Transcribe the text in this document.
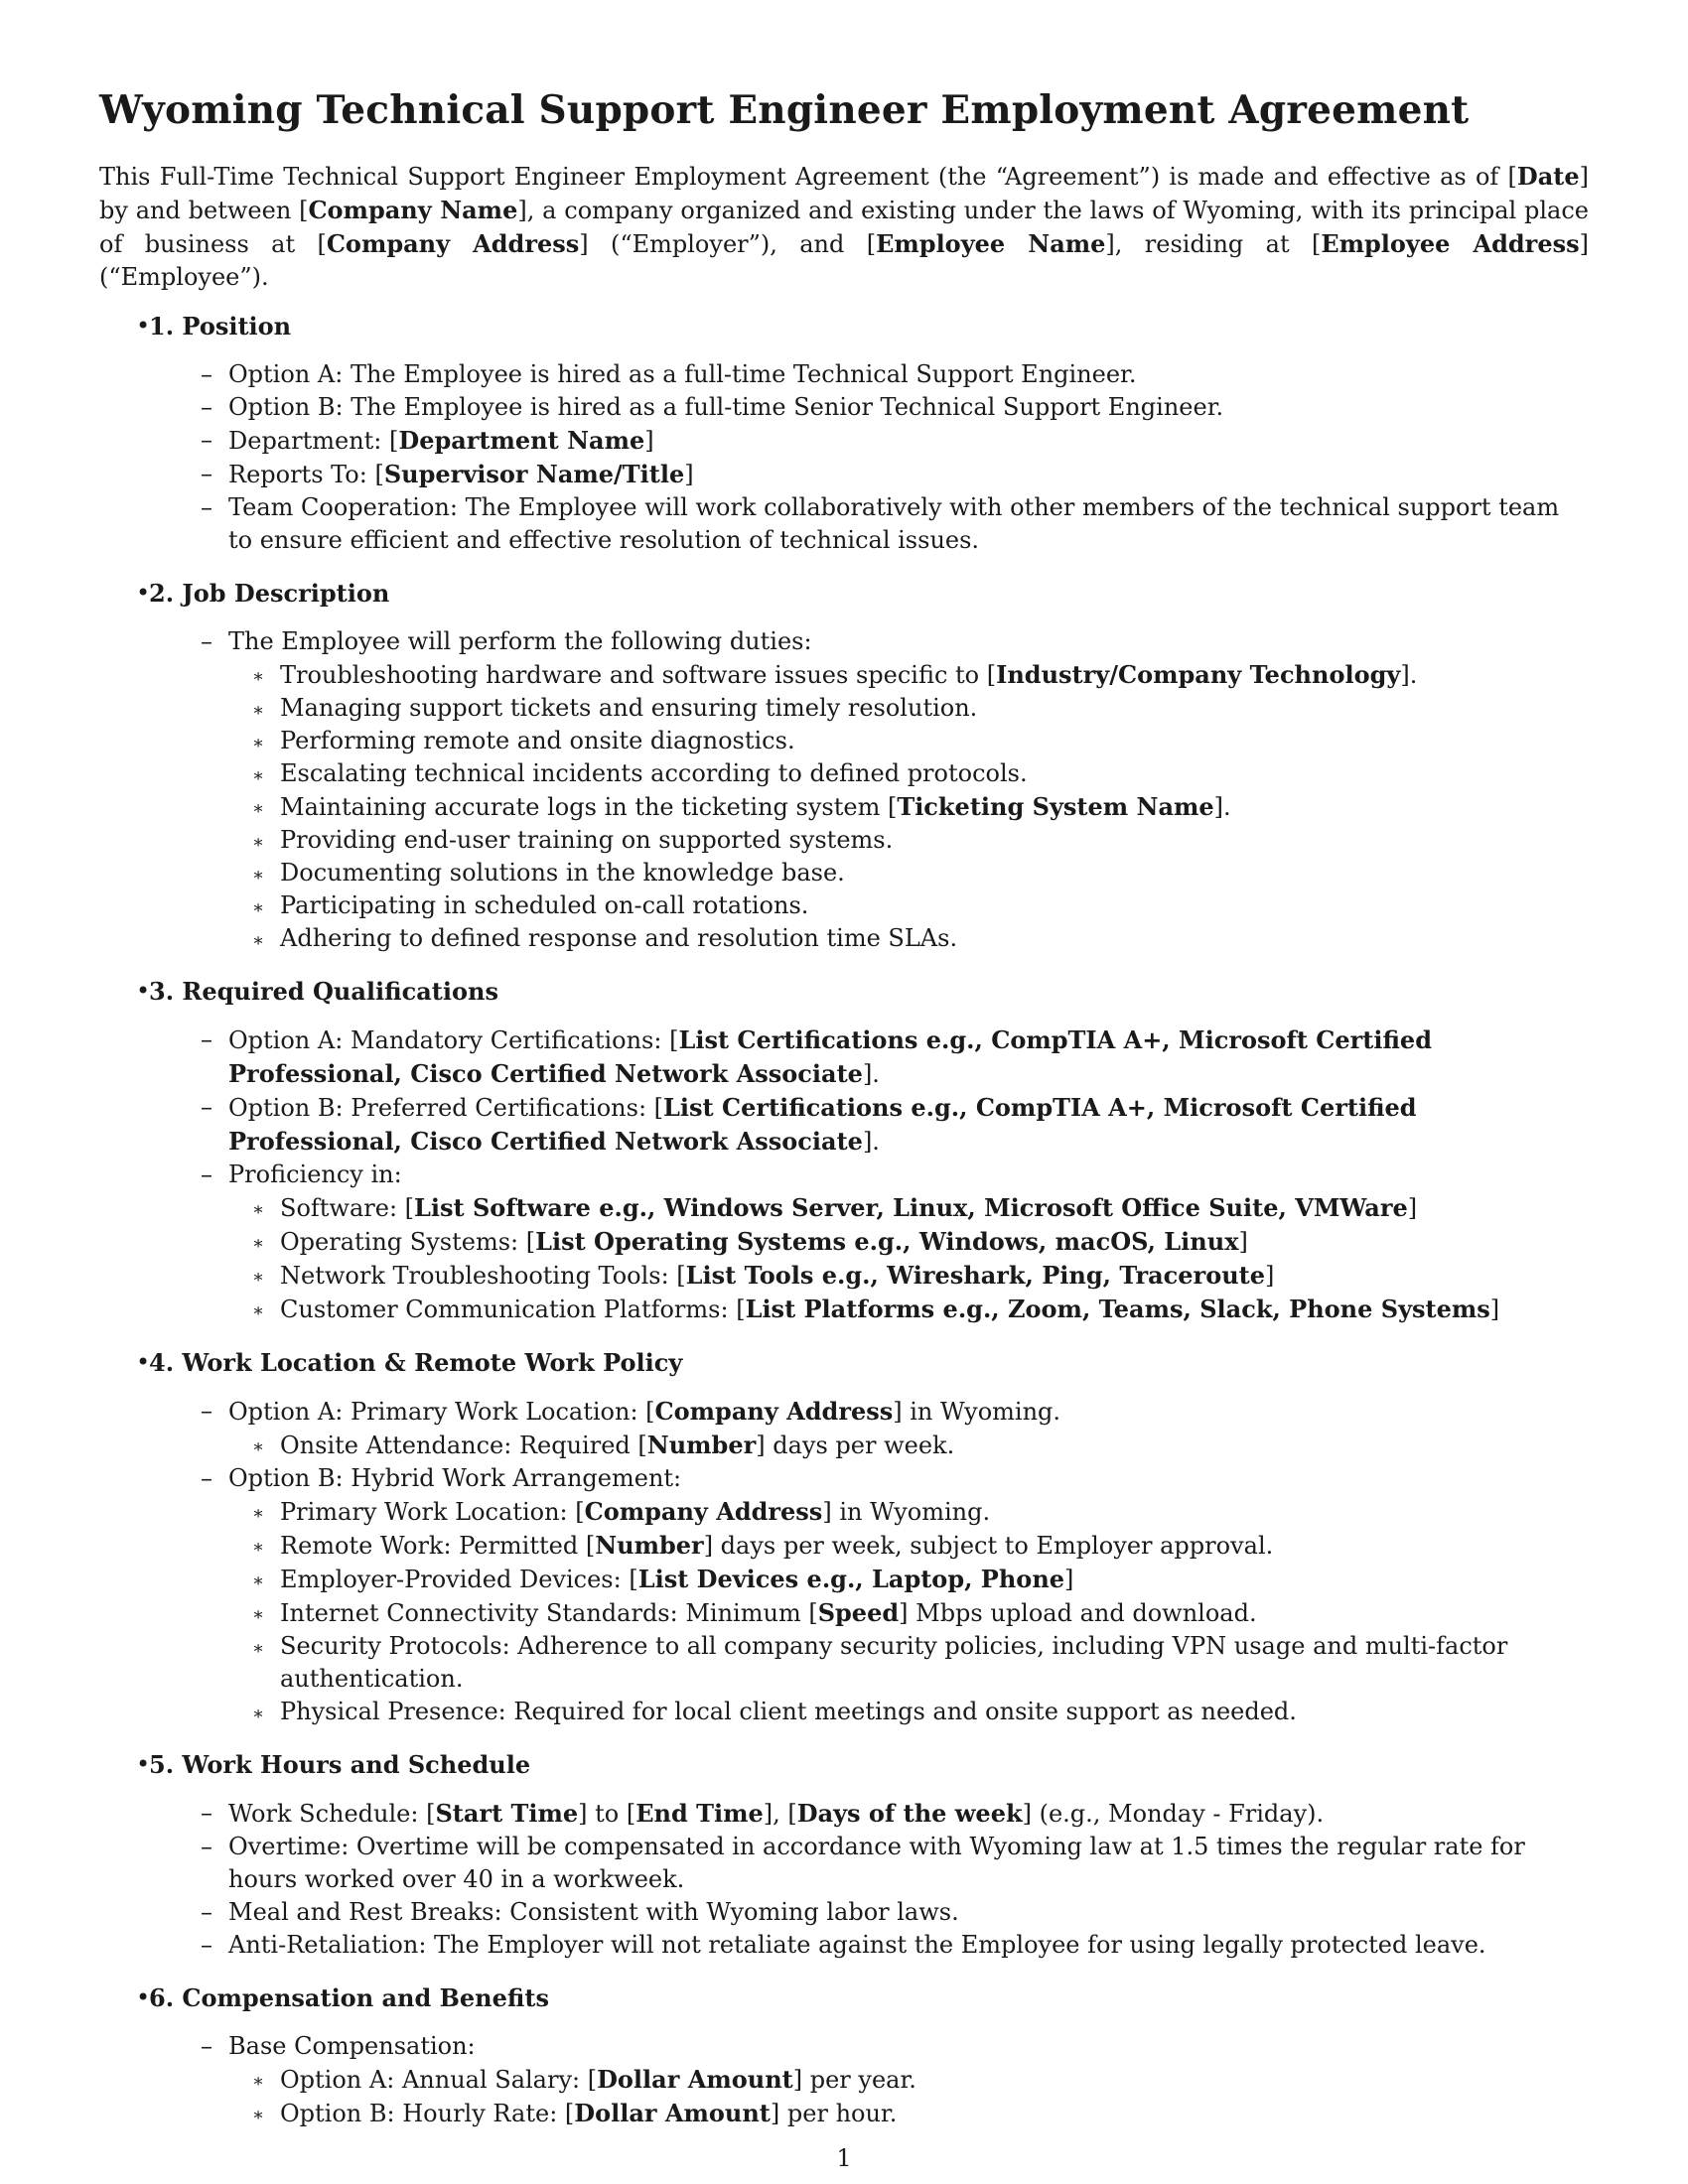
Wyoming Technical Support Engineer Employment Agreement

This Full-Time Technical Support Engineer Employment Agreement (the “Agreement”) is made and effective as of [Date] by and between [Company Name], a company organized and existing under the laws of Wyoming, with its principal place of business at [Company Address] (“Employer”), and [Employee Name], residing at [Employee Address] (“Employee”).

•
1. Position
– Option A: The Employee is hired as a full-time Technical Support Engineer.
– Option B: The Employee is hired as a full-time Senior Technical Support Engineer.
– Department: [Department Name]
– Reports To: [Supervisor Name/Title]
– Team Cooperation: The Employee will work collaboratively with other members of the technical support team to ensure efficient and effective resolution of technical issues.
•
2. Job Description
– The Employee will perform the following duties:
∗ Troubleshooting hardware and software issues specific to [Industry/Company Technology].
∗ Managing support tickets and ensuring timely resolution.
∗ Performing remote and onsite diagnostics.
∗ Escalating technical incidents according to defined protocols.
∗ Maintaining accurate logs in the ticketing system [Ticketing System Name].
∗ Providing end-user training on supported systems.
∗ Documenting solutions in the knowledge base.
∗ Participating in scheduled on-call rotations.
∗ Adhering to defined response and resolution time SLAs.
•
3. Required Qualifications
– Option A: Mandatory Certifications: [List Certifications e.g., CompTIA A+, Microsoft Certified Professional, Cisco Certified Network Associate].
– Option B: Preferred Certifications: [List Certifications e.g., CompTIA A+, Microsoft Certified Professional, Cisco Certified Network Associate].
– Proficiency in:
∗ Software: [List Software e.g., Windows Server, Linux, Microsoft Office Suite, VMWare]
∗ Operating Systems: [List Operating Systems e.g., Windows, macOS, Linux]
∗ Network Troubleshooting Tools: [List Tools e.g., Wireshark, Ping, Traceroute]
∗ Customer Communication Platforms: [List Platforms e.g., Zoom, Teams, Slack, Phone Systems]
•
4. Work Location & Remote Work Policy
– Option A: Primary Work Location: [Company Address] in Wyoming.
∗ Onsite Attendance: Required [Number] days per week.
– Option B: Hybrid Work Arrangement:
∗ Primary Work Location: [Company Address] in Wyoming.
∗ Remote Work: Permitted [Number] days per week, subject to Employer approval.
∗ Employer-Provided Devices: [List Devices e.g., Laptop, Phone]
∗ Internet Connectivity Standards: Minimum [Speed] Mbps upload and download.
∗ Security Protocols: Adherence to all company security policies, including VPN usage and multi-factor authentication.
∗ Physical Presence: Required for local client meetings and onsite support as needed.
•
5. Work Hours and Schedule
– Work Schedule: [Start Time] to [End Time], [Days of the week] (e.g., Monday - Friday).
– Overtime: Overtime will be compensated in accordance with Wyoming law at 1.5 times the regular rate for hours worked over 40 in a workweek.
– Meal and Rest Breaks: Consistent with Wyoming labor laws.
– Anti-Retaliation: The Employer will not retaliate against the Employee for using legally protected leave.
•
6. Compensation and Benefits
– Base Compensation:
∗ Option A: Annual Salary: [Dollar Amount] per year.
∗ Option B: Hourly Rate: [Dollar Amount] per hour.
1
